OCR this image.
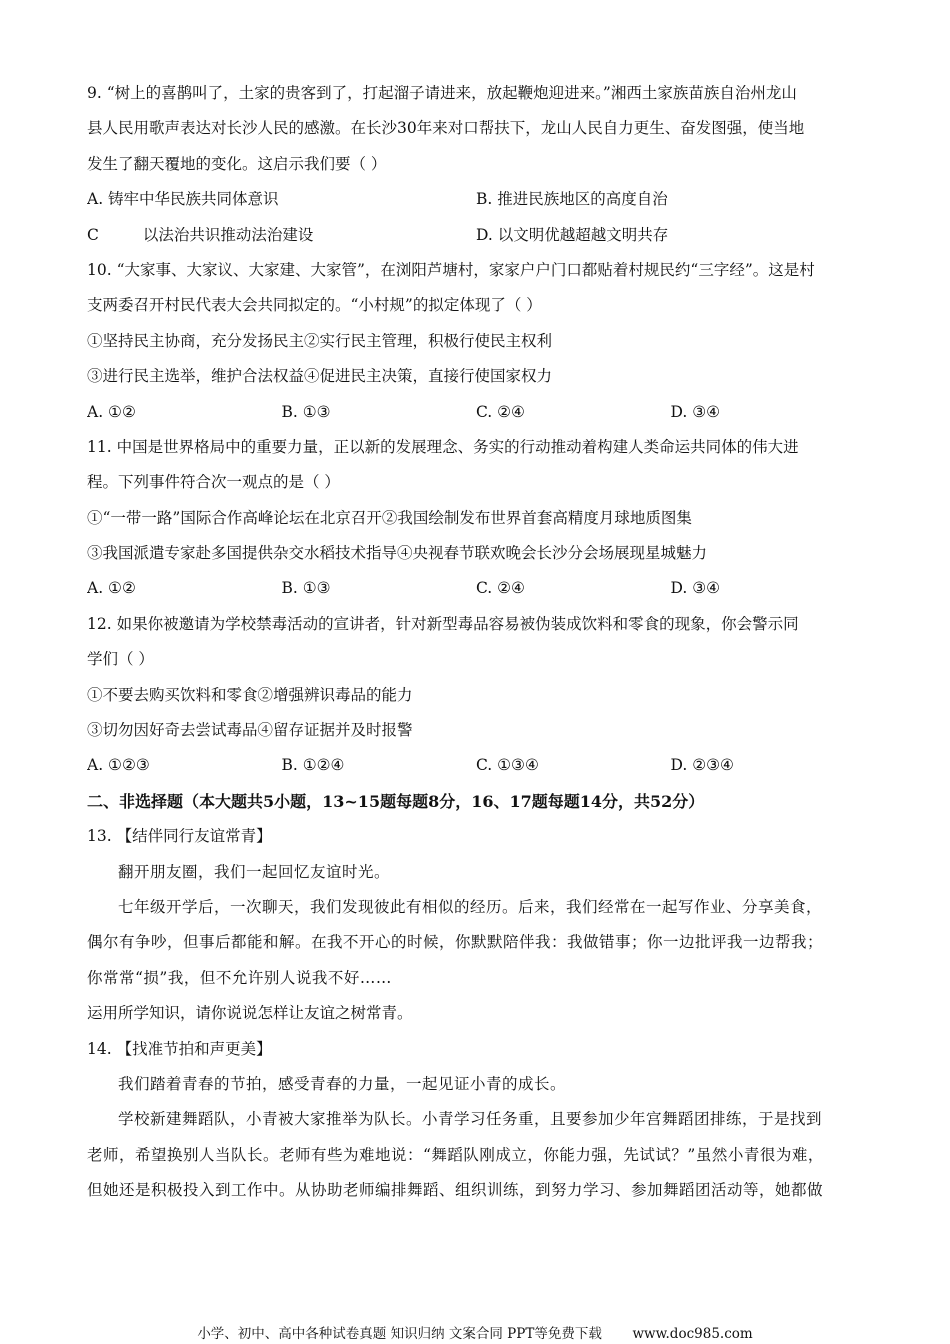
9. “树上的喜鹊叫了，土家的贵客到了，打起溜子请进来，放起鞭炮迎进来。”湘西土家族苗族自治州龙山
县人民用歌声表达对长沙人民的感激。在长沙30年来对口帮扶下，龙山人民自力更生、奋发图强，使当地
发生了翻天覆地的变化。这启示我们要（ ）
A. 铸牢中华民族共同体意识	B. 推进民族地区的高度自治
C	以法治共识推动法治建设	D. 以文明优越超越文明共存
10. “大家事、大家议、大家建、大家管”，在浏阳芦塘村，家家户户门口都贴着村规民约“三字经”。这是村
支两委召开村民代表大会共同拟定的。“小村规”的拟定体现了（ ）
①坚持民主协商，充分发扬民主②实行民主管理，积极行使民主权利
③进行民主选举，维护合法权益④促进民主决策，直接行使国家权力
A. ①②	B. ①③	C. ②④	D. ③④
11. 中国是世界格局中的重要力量，正以新的发展理念、务实的行动推动着构建人类命运共同体的伟大进
程。下列事件符合次一观点的是（ ）
①“一带一路”国际合作高峰论坛在北京召开②我国绘制发布世界首套高精度月球地质图集
③我国派遣专家赴多国提供杂交水稻技术指导④央视春节联欢晚会长沙分会场展现星城魅力
A. ①②	B. ①③	C. ②④	D. ③④
12. 如果你被邀请为学校禁毒活动的宣讲者，针对新型毒品容易被伪装成饮料和零食的现象，你会警示同
学们（ ）
①不要去购买饮料和零食②增强辨识毒品的能力
③切勿因好奇去尝试毒品④留存证据并及时报警
A. ①②③	B. ①②④	C. ①③④	D. ②③④
二、非选择题（本大题共5小题，13~15题每题8分，16、17题每题14分，共52分）
13. 【结伴同行友谊常青】
翻开朋友圈，我们一起回忆友谊时光。
七年级开学后，一次聊天，我们发现彼此有相似的经历。后来，我们经常在一起写作业、分享美食，
偶尔有争吵，但事后都能和解。在我不开心的时候，你默默陪伴我：我做错事；你一边批评我一边帮我；
你常常“损”我，但不允许别人说我不好……
运用所学知识，请你说说怎样让友谊之树常青。
14. 【找准节拍和声更美】
我们踏着青春的节拍，感受青春的力量，一起见证小青的成长。
学校新建舞蹈队，小青被大家推举为队长。小青学习任务重，且要参加少年宫舞蹈团排练，于是找到
老师，希望换别人当队长。老师有些为难地说：“舞蹈队刚成立，你能力强，先试试？”虽然小青很为难，
但她还是积极投入到工作中。从协助老师编排舞蹈、组织训练，到努力学习、参加舞蹈团活动等，她都做
小学、初中、高中各种试卷真题 知识归纳 文案合同 PPT等免费下载 www.doc985.com
